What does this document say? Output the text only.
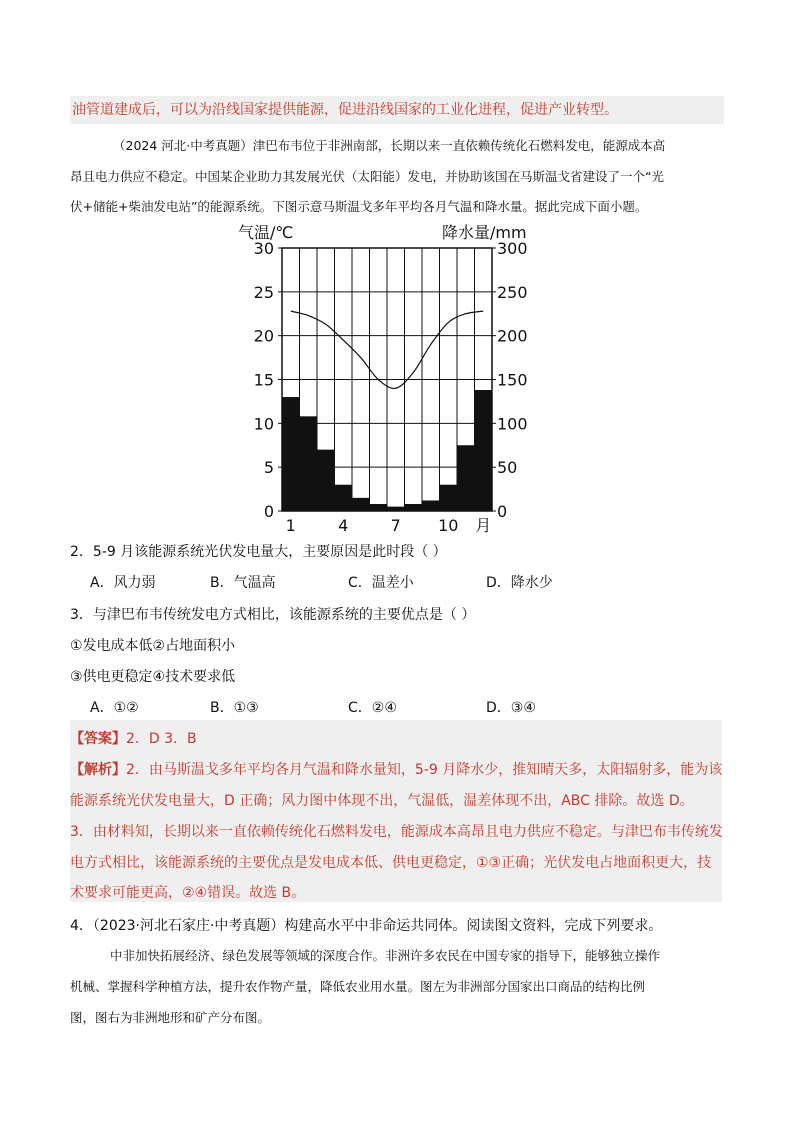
油管道建成后，可以为沿线国家提供能源，促进沿线国家的工业化进程，促进产业转型。
（2024 河北·中考真题）津巴布韦位于非洲南部，长期以来一直依赖传统化石燃料发电，能源成本高
昂且电力供应不稳定。中国某企业助力其发展光伏（太阳能）发电，并协助该国在马斯温戈省建设了一个“光
伏+储能+柴油发电站”的能源系统。下图示意马斯温戈多年平均各月气温和降水量。据此完成下面小题。
气温/℃	降水量/mm
30
25
20
15
10
5
0
300
250
200
150
100
50
0
1	4	7 10 月
2．5-9 月该能源系统光伏发电量大，主要原因是此时段（ ）
A．风力弱	B．气温高	C．温差小	D．降水少
3．与津巴布韦传统发电方式相比，该能源系统的主要优点是（ ）
①发电成本低②占地面积小
③供电更稳定④技术要求低
A．①②	B．①③	C．②④	D．③④
【答案】2．D 3．B
【解析】2．由马斯温戈多年平均各月气温和降水量知，5-9 月降水少，推知晴天多，太阳辐射多，能为该
能源系统光伏发电量大，D 正确；风力图中体现不出，气温低，温差体现不出，ABC 排除。故选 D。
3．由材料知，长期以来一直依赖传统化石燃料发电，能源成本高昂且电力供应不稳定。与津巴布韦传统发
电方式相比，该能源系统的主要优点是发电成本低、供电更稳定，①③正确；光伏发电占地面积更大，技
术要求可能更高，②④错误。故选 B。
4．（2023·河北石家庄·中考真题）构建高水平中非命运共同体。阅读图文资料，完成下列要求。
中非加快拓展经济、绿色发展等领域的深度合作。非洲许多农民在中国专家的指导下，能够独立操作
机械、掌握科学种植方法，提升农作物产量，降低农业用水量。图左为非洲部分国家出口商品的结构比例
图，图右为非洲地形和矿产分布图。
